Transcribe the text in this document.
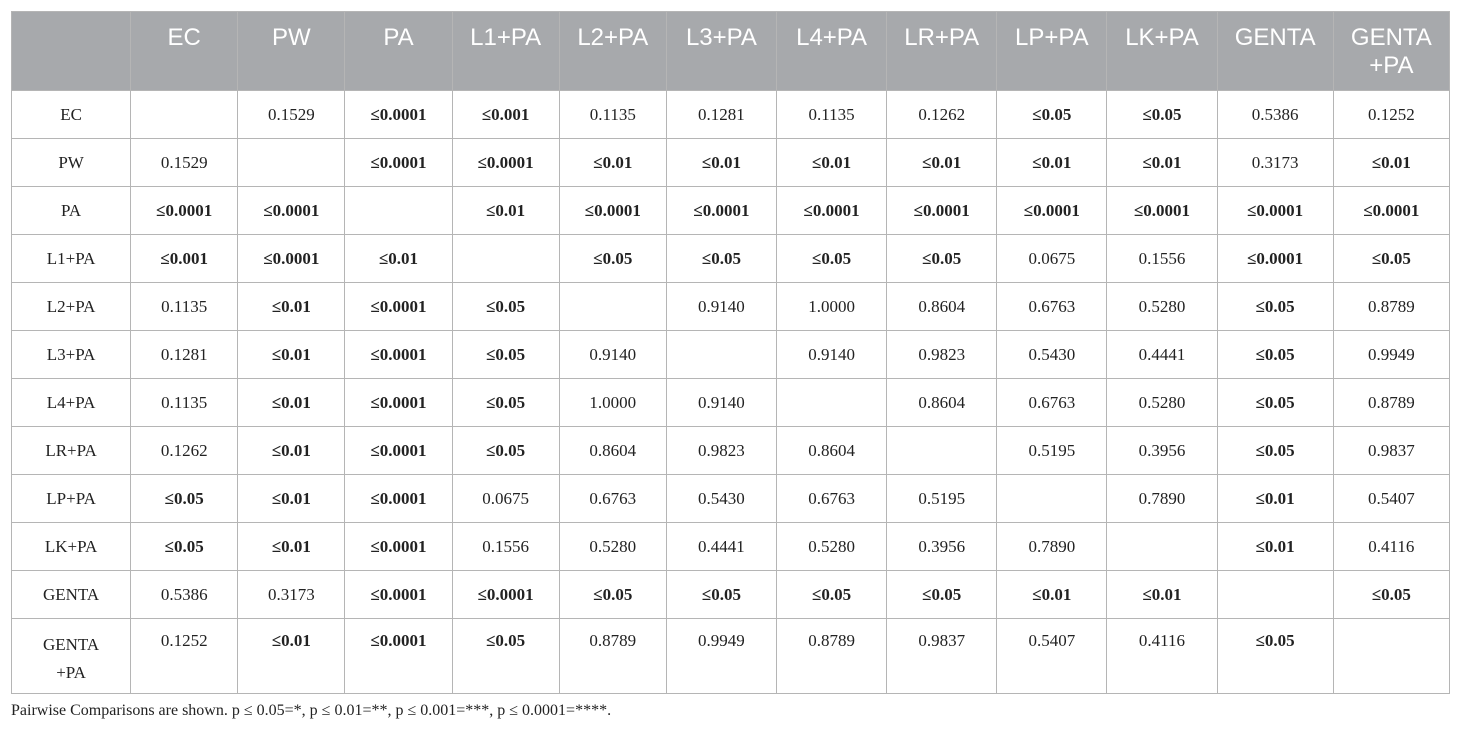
	EC	PW	PA	L1+PA	L2+PA	L3+PA	L4+PA	LR+PA	LP+PA	LK+PA	GENTA	GENTA
+PA
EC		0.1529	≤0.0001	≤0.001	0.1135	0.1281	0.1135	0.1262	≤0.05	≤0.05	0.5386	0.1252
PW	0.1529		≤0.0001	≤0.0001	≤0.01	≤0.01	≤0.01	≤0.01	≤0.01	≤0.01	0.3173	≤0.01
PA	≤0.0001	≤0.0001		≤0.01	≤0.0001	≤0.0001	≤0.0001	≤0.0001	≤0.0001	≤0.0001	≤0.0001	≤0.0001
L1+PA	≤0.001	≤0.0001	≤0.01		≤0.05	≤0.05	≤0.05	≤0.05	0.0675	0.1556	≤0.0001	≤0.05
L2+PA	0.1135	≤0.01	≤0.0001	≤0.05		0.9140	1.0000	0.8604	0.6763	0.5280	≤0.05	0.8789
L3+PA	0.1281	≤0.01	≤0.0001	≤0.05	0.9140		0.9140	0.9823	0.5430	0.4441	≤0.05	0.9949
L4+PA	0.1135	≤0.01	≤0.0001	≤0.05	1.0000	0.9140		0.8604	0.6763	0.5280	≤0.05	0.8789
LR+PA	0.1262	≤0.01	≤0.0001	≤0.05	0.8604	0.9823	0.8604		0.5195	0.3956	≤0.05	0.9837
LP+PA	≤0.05	≤0.01	≤0.0001	0.0675	0.6763	0.5430	0.6763	0.5195		0.7890	≤0.01	0.5407
LK+PA	≤0.05	≤0.01	≤0.0001	0.1556	0.5280	0.4441	0.5280	0.3956	0.7890		≤0.01	0.4116
GENTA	0.5386	0.3173	≤0.0001	≤0.0001	≤0.05	≤0.05	≤0.05	≤0.05	≤0.01	≤0.01		≤0.05
GENTA
+PA	0.1252	≤0.01	≤0.0001	≤0.05	0.8789	0.9949	0.8789	0.9837	0.5407	0.4116	≤0.05	
Pairwise Comparisons are shown. p ≤ 0.05=*, p ≤ 0.01=**, p ≤ 0.001=***, p ≤ 0.0001=****.
